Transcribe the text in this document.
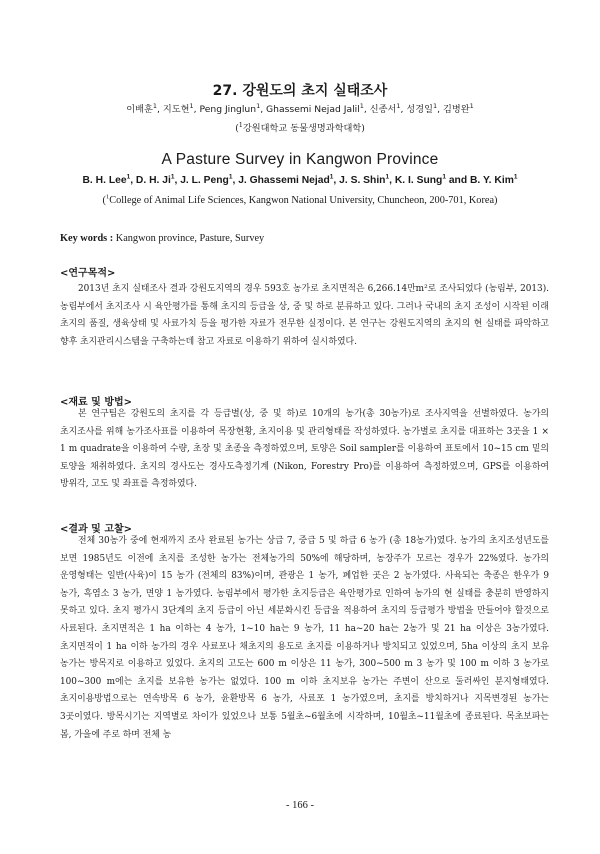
27. 강원도의 초지 실태조사
이배훈$^1$, 지도현$^1$, Peng Jinglun$^1$, Ghassemi Nejad Jalil$^1$, 신종서$^1$, 성경일$^1$, 김병완$^1$
($^1$강원대학교 동물생명과학대학)
A Pasture Survey in Kangwon Province
B. H. Lee$^1$, D. H. Ji$^1$, J. L. Peng$^1$, J. Ghassemi Nejad$^1$, J. S. Shin$^1$, K. I. Sung$^1$ and B. Y. Kim$^1$
($^1$College of Animal Life Sciences, Kangwon National University, Chuncheon, 200-701, Korea)
Key words : Kangwon province, Pasture, Survey
<연구목적>
2013년 초지 실태조사 결과 강원도지역의 경우 593호 농가로 초지면적은 6,266.14만m²로 조사되었다 (농림부, 2013). 농림부에서 초지조사 시 육안평가를 통해 초지의 등급을 상, 중 및 하로 분류하고 있다. 그러나 국내의 초지 조성이 시작된 이래 초지의 품질, 생육상태 및 사료가치 등을 평가한 자료가 전무한 실정이다. 본 연구는 강원도지역의 초지의 현 실태를 파악하고 향후 초지관리시스템을 구축하는데 참고 자료로 이용하기 위하여 실시하였다.
<재료 및 방법>
본 연구팀은 강원도의 초지를 각 등급별(상, 중 및 하)로 10개의 농가(총 30농가)로 조사지역을 선별하였다. 농가의 초지조사를 위해 농가조사표를 이용하여 목장현황, 초지이용 및 관리형태를 작성하였다. 농가별로 초지를 대표하는 3곳을 1 × 1 m quadrate을 이용하여 수량, 초장 및 초종을 측정하였으며, 토양은 Soil sampler를 이용하여 표토에서 10~15 cm 밑의 토양을 채취하였다. 초지의 경사도는 경사도측정기계 (Nikon, Forestry Pro)를 이용하여 측정하였으며, GPS를 이용하여 방위각, 고도 및 좌표를 측정하였다.
<결과 및 고찰>
전체 30농가 중에 현재까지 조사 완료된 농가는 상급 7, 중급 5 및 하급 6 농가 (총 18농가)였다. 농가의 초지조성년도를 보면 1985년도 이전에 초지를 조성한 농가는 전체농가의 50%에 해당하며, 농장주가 모르는 경우가 22%였다. 농가의 운영형태는 일반(사육)이 15 농가 (전체의 83%)이며, 관광은 1 농가, 폐업한 곳은 2 농가였다. 사육되는 축종은 한우가 9 농가, 흑염소 3 농가, 면양 1 농가였다. 농림부에서 평가한 초지등급은 육안평가로 인하여 농가의 현 실태를 충분히 반영하지 못하고 있다. 초지 평가시 3단계의 초지 등급이 아닌 세분화시킨 등급을 적용하여 초지의 등급평가 방법을 만들어야 할것으로 사료된다. 초지면적은 1 ha 이하는 4 농가, 1~10 ha는 9 농가, 11 ha~20 ha는 2농가 및 21 ha 이상은 3농가였다. 초지면적이 1 ha 이하 농가의 경우 사료포나 채초지의 용도로 초지를 이용하거나 방치되고 있었으며, 5ha 이상의 초지 보유 농가는 방목지로 이용하고 있었다. 초지의 고도는 600 m 이상은 11 농가, 300~500 m 3 농가 및 100 m 이하 3 농가로 100~300 m에는 초지를 보유한 농가는 없었다. 100 m 이하 초지보유 농가는 주변이 산으로 둘러싸인 분지형태였다. 초지이용방법으로는 연속방목 6 농가, 윤환방목 6 농가, 사료포 1 농가였으며, 초지를 방치하거나 지목변경된 농가는 3곳이였다. 방목시기는 지역별로 차이가 있었으나 보통 5월초~6월초에 시작하며, 10월초~11월초에 종료된다. 목초보파는 봄, 가을에 주로 하며 전체 농
- 166 -
